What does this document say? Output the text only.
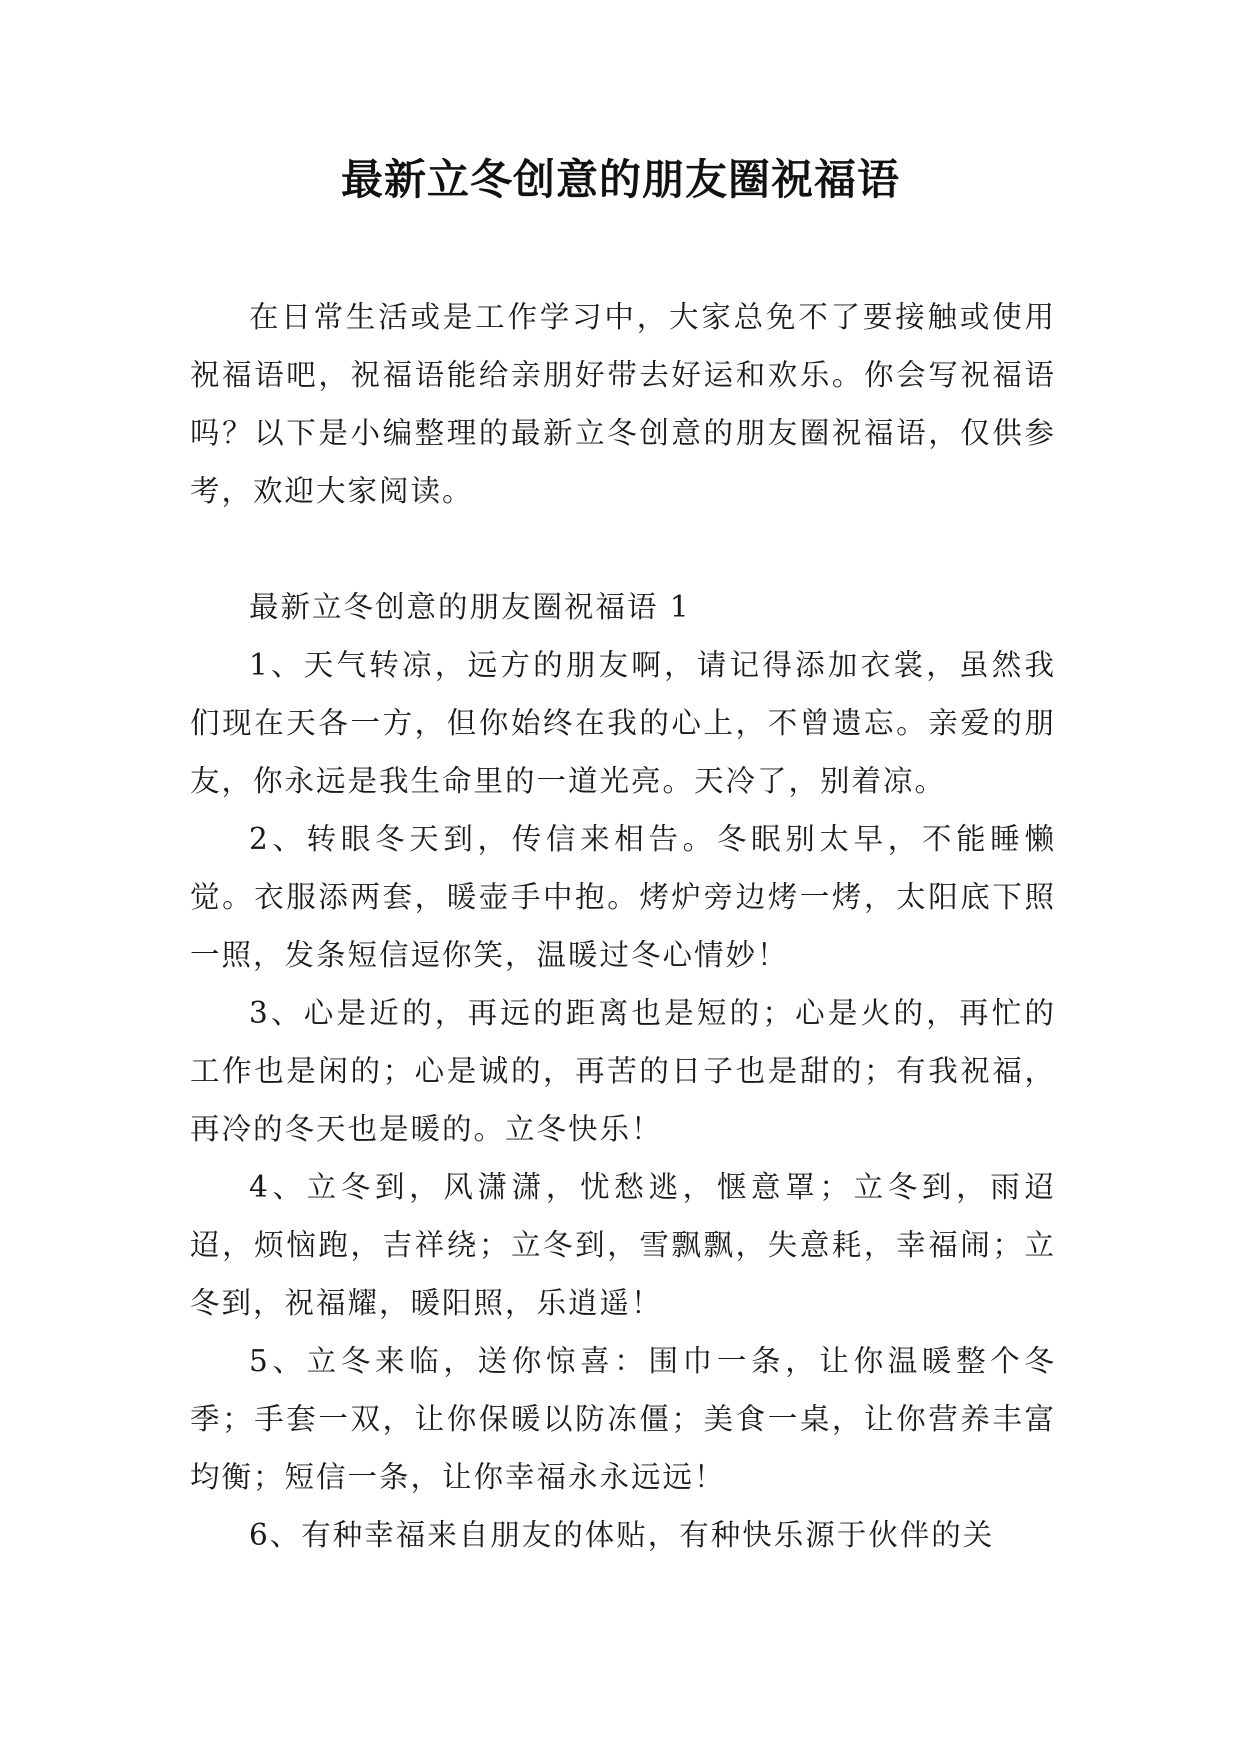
最新立冬创意的朋友圈祝福语

在日常生活或是工作学习中，大家总免不了要接触或使用祝福语吧，祝福语能给亲朋好带去好运和欢乐。你会写祝福语吗？以下是小编整理的最新立冬创意的朋友圈祝福语，仅供参考，欢迎大家阅读。

最新立冬创意的朋友圈祝福语 1

1、天气转凉，远方的朋友啊，请记得添加衣裳，虽然我们现在天各一方，但你始终在我的心上，不曾遗忘。亲爱的朋友，你永远是我生命里的一道光亮。天冷了，别着凉。

2、转眼冬天到，传信来相告。冬眠别太早，不能睡懒觉。衣服添两套，暖壶手中抱。烤炉旁边烤一烤，太阳底下照一照，发条短信逗你笑，温暖过冬心情妙！

3、心是近的，再远的距离也是短的；心是火的，再忙的工作也是闲的；心是诚的，再苦的日子也是甜的；有我祝福，再冷的冬天也是暖的。立冬快乐！

4、立冬到，风潇潇，忧愁逃，惬意罩；立冬到，雨迢迢，烦恼跑，吉祥绕；立冬到，雪飘飘，失意耗，幸福闹；立冬到，祝福耀，暖阳照，乐逍遥！

5、立冬来临，送你惊喜：围巾一条，让你温暖整个冬季；手套一双，让你保暖以防冻僵；美食一桌，让你营养丰富均衡；短信一条，让你幸福永永远远！

6、有种幸福来自朋友的体贴，有种快乐源于伙伴的关
